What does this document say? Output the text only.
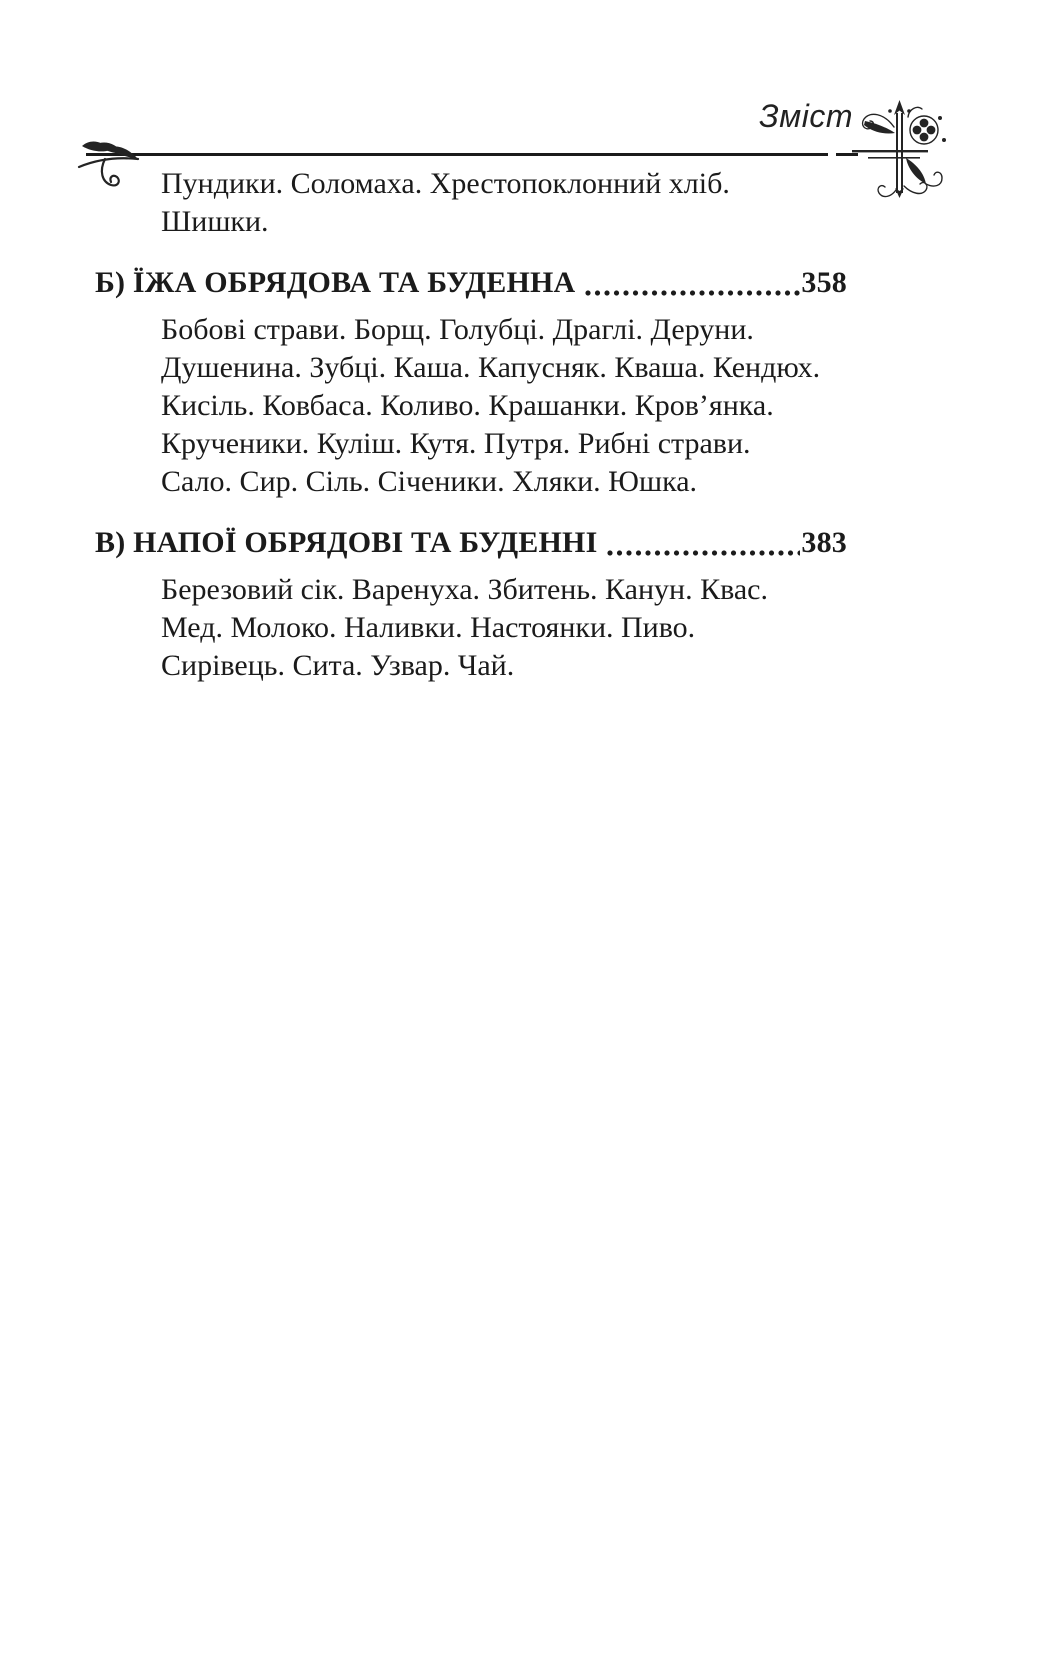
Зміст
Пундики. Соломаха. Хрестопоклонний хліб.
Шишки.
Б) ЇЖА ОБРЯДОВА ТА БУДЕННА	358
Бобові страви. Борщ. Голубці. Драглі. Деруни.
Душенина. Зубці. Каша. Капусняк. Кваша. Кендюх.
Кисіль. Ковбаса. Коливо. Крашанки. Кров’янка.
Крученики. Куліш. Кутя. Путря. Рибні страви.
Сало. Сир. Сіль. Січеники. Хляки. Юшка.
В) НАПОЇ ОБРЯДОВІ ТА БУДЕННІ	383
Березовий сік. Варенуха. Збитень. Канун. Квас.
Мед. Молоко. Наливки. Настоянки. Пиво.
Сирівець. Сита. Узвар. Чай.
